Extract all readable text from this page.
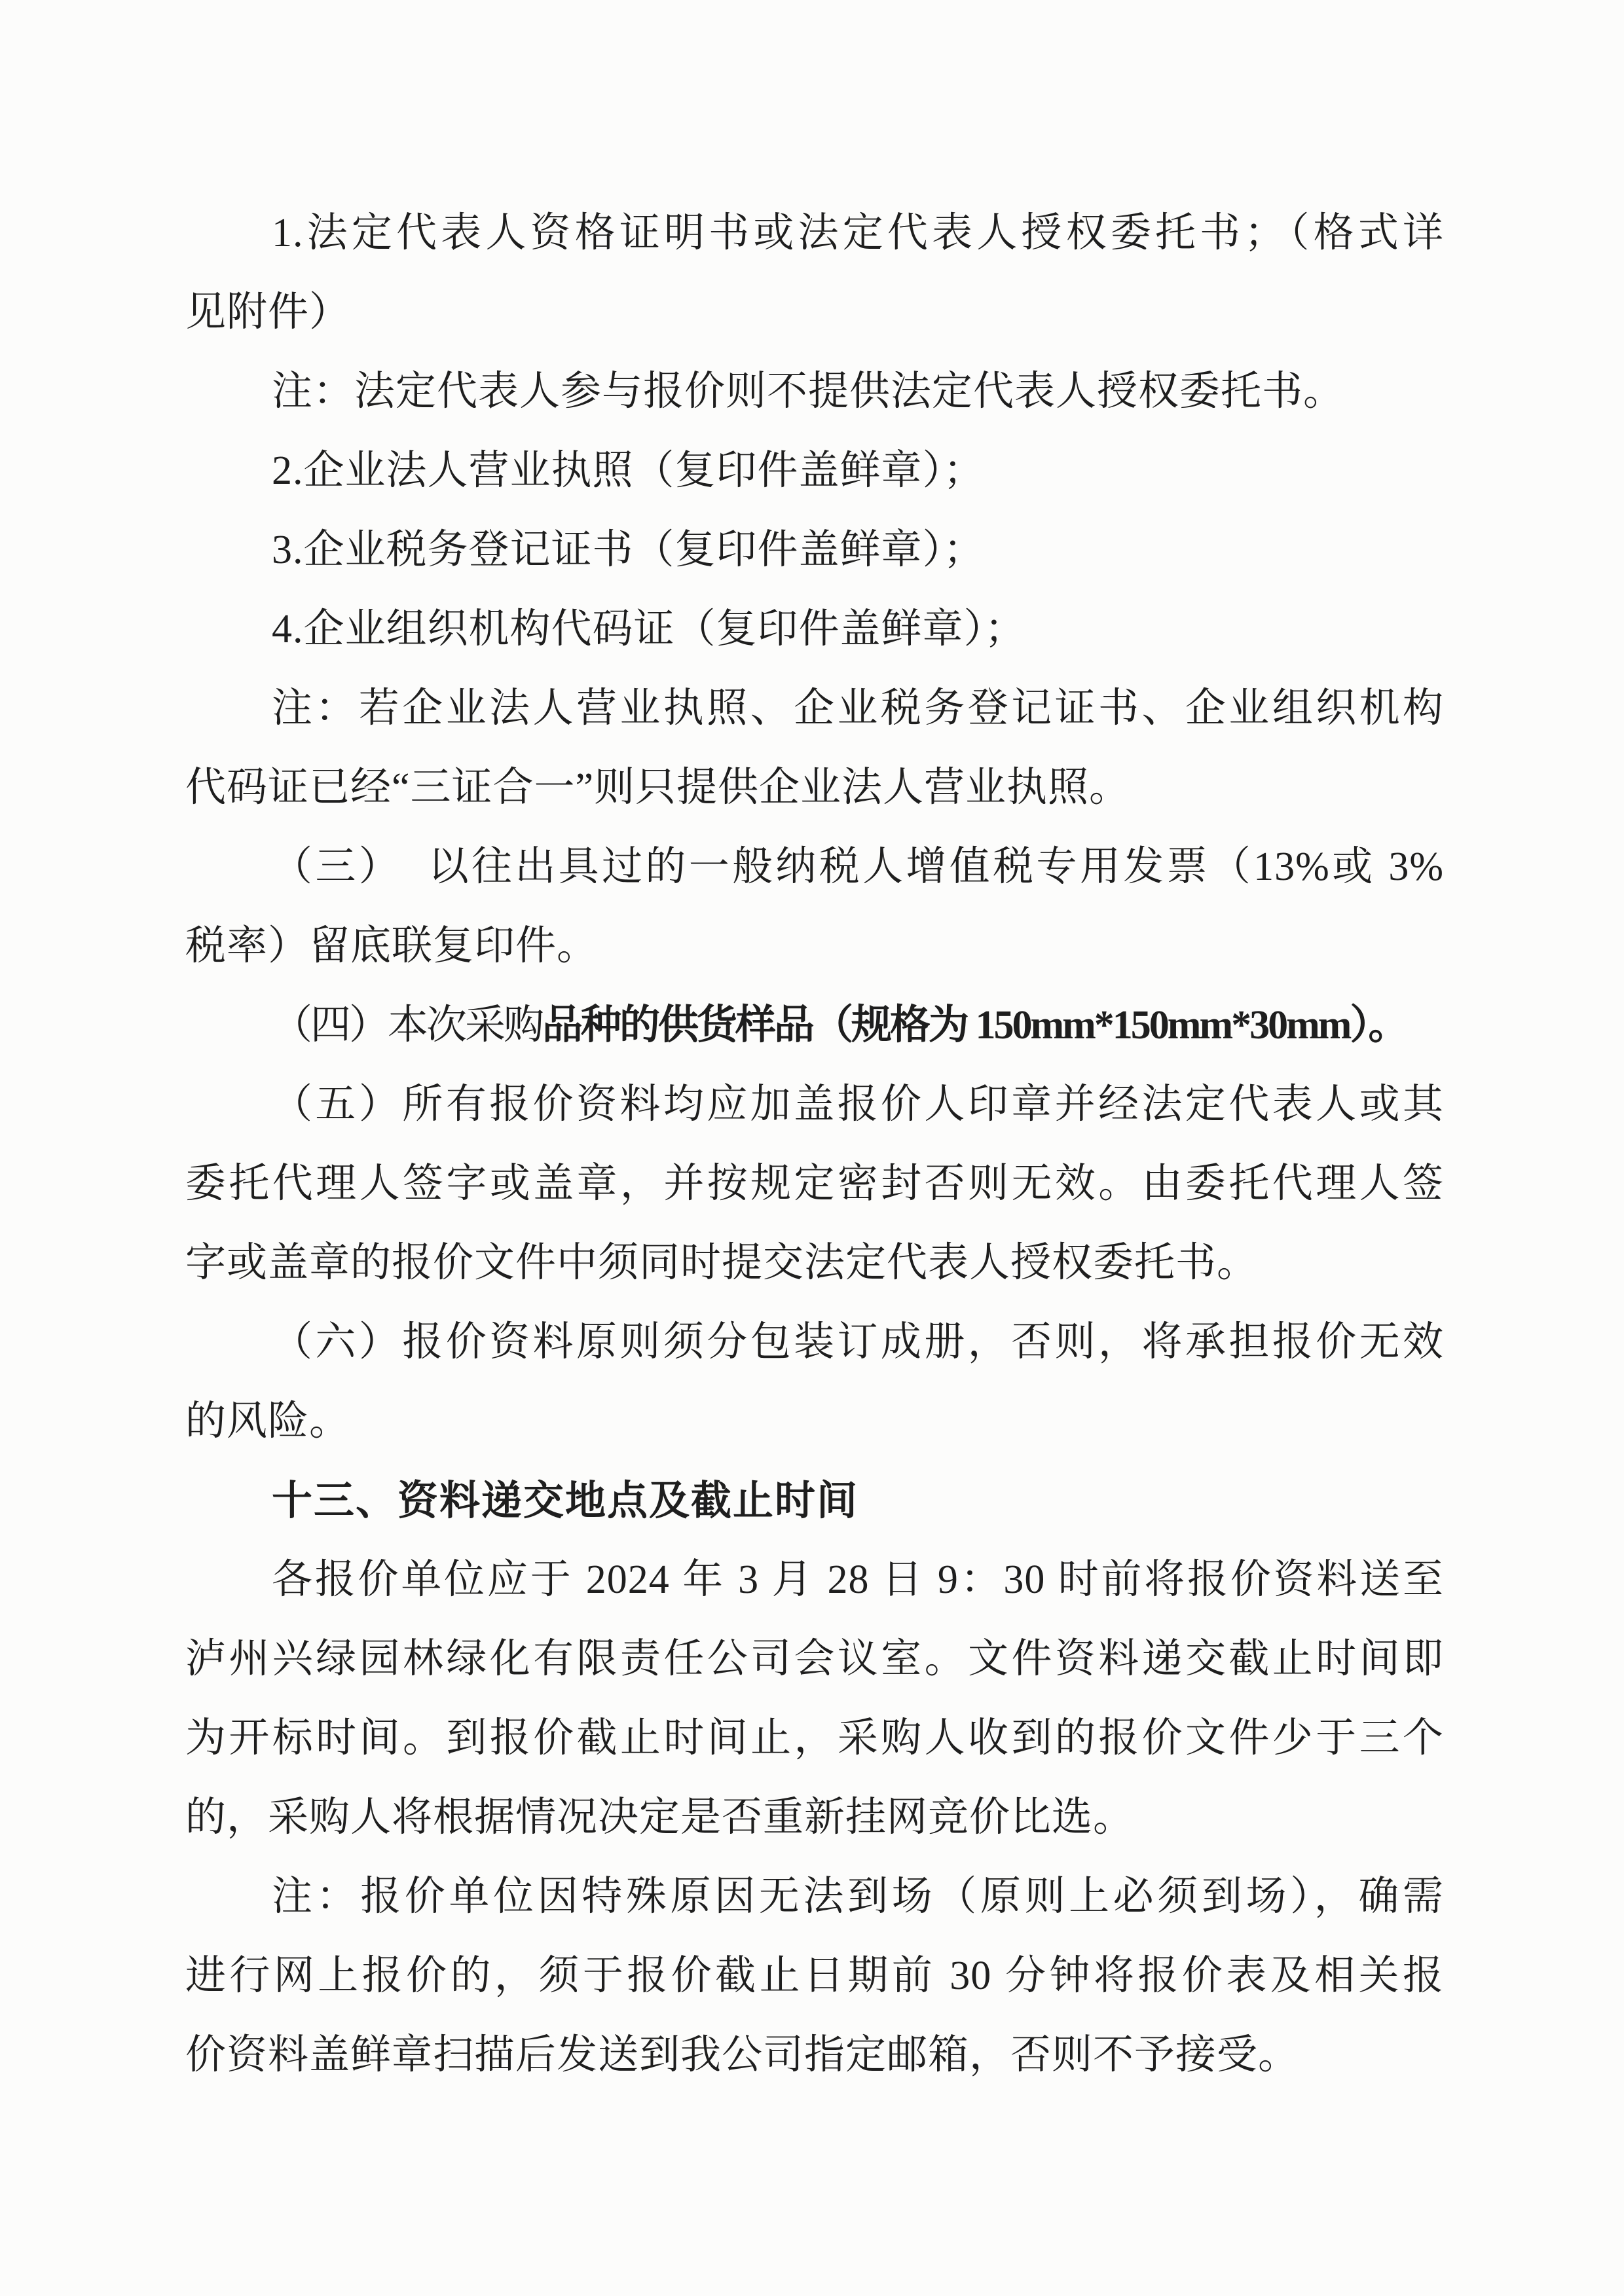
1.法定代表人资格证明书或法定代表人授权委托书；（格式详
见附件）
注：法定代表人参与报价则不提供法定代表人授权委托书。
2.企业法人营业执照（复印件盖鲜章）；
3.企业税务登记证书（复印件盖鲜章）；
4.企业组织机构代码证（复印件盖鲜章）；
注：若企业法人营业执照、企业税务登记证书、企业组织机构
代码证已经“三证合一”则只提供企业法人营业执照。
（三）  以往出具过的一般纳税人增值税专用发票（13%或 3%
税率）留底联复印件。
（四）本次采购品种的供货样品（规格为 150mm*150mm*30mm）。
（五）所有报价资料均应加盖报价人印章并经法定代表人或其
委托代理人签字或盖章，并按规定密封否则无效。由委托代理人签
字或盖章的报价文件中须同时提交法定代表人授权委托书。
（六）报价资料原则须分包装订成册，否则，将承担报价无效
的风险。
十三、资料递交地点及截止时间
各报价单位应于 2024 年 3 月 28 日 9：30 时前将报价资料送至
泸州兴绿园林绿化有限责任公司会议室。文件资料递交截止时间即
为开标时间。到报价截止时间止，采购人收到的报价文件少于三个
的，采购人将根据情况决定是否重新挂网竞价比选。
注：报价单位因特殊原因无法到场（原则上必须到场），确需
进行网上报价的，须于报价截止日期前 30 分钟将报价表及相关报
价资料盖鲜章扫描后发送到我公司指定邮箱，否则不予接受。
